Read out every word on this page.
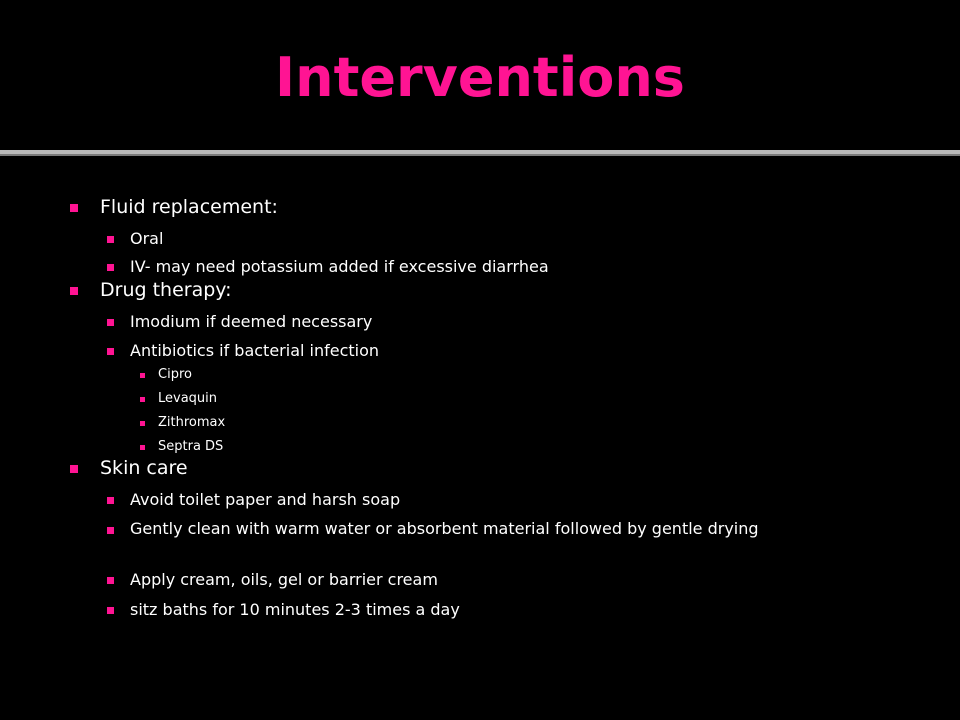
Interventions
Fluid replacement:
Oral
IV- may need potassium added if excessive diarrhea
Drug therapy:
Imodium if deemed necessary
Antibiotics if bacterial infection
Cipro
Levaquin
Zithromax
Septra DS
Skin care
Avoid toilet paper and harsh soap
Gently clean with warm water or absorbent material followed by gentle drying
Apply cream, oils, gel or barrier cream
sitz baths for 10 minutes 2-3 times a day
